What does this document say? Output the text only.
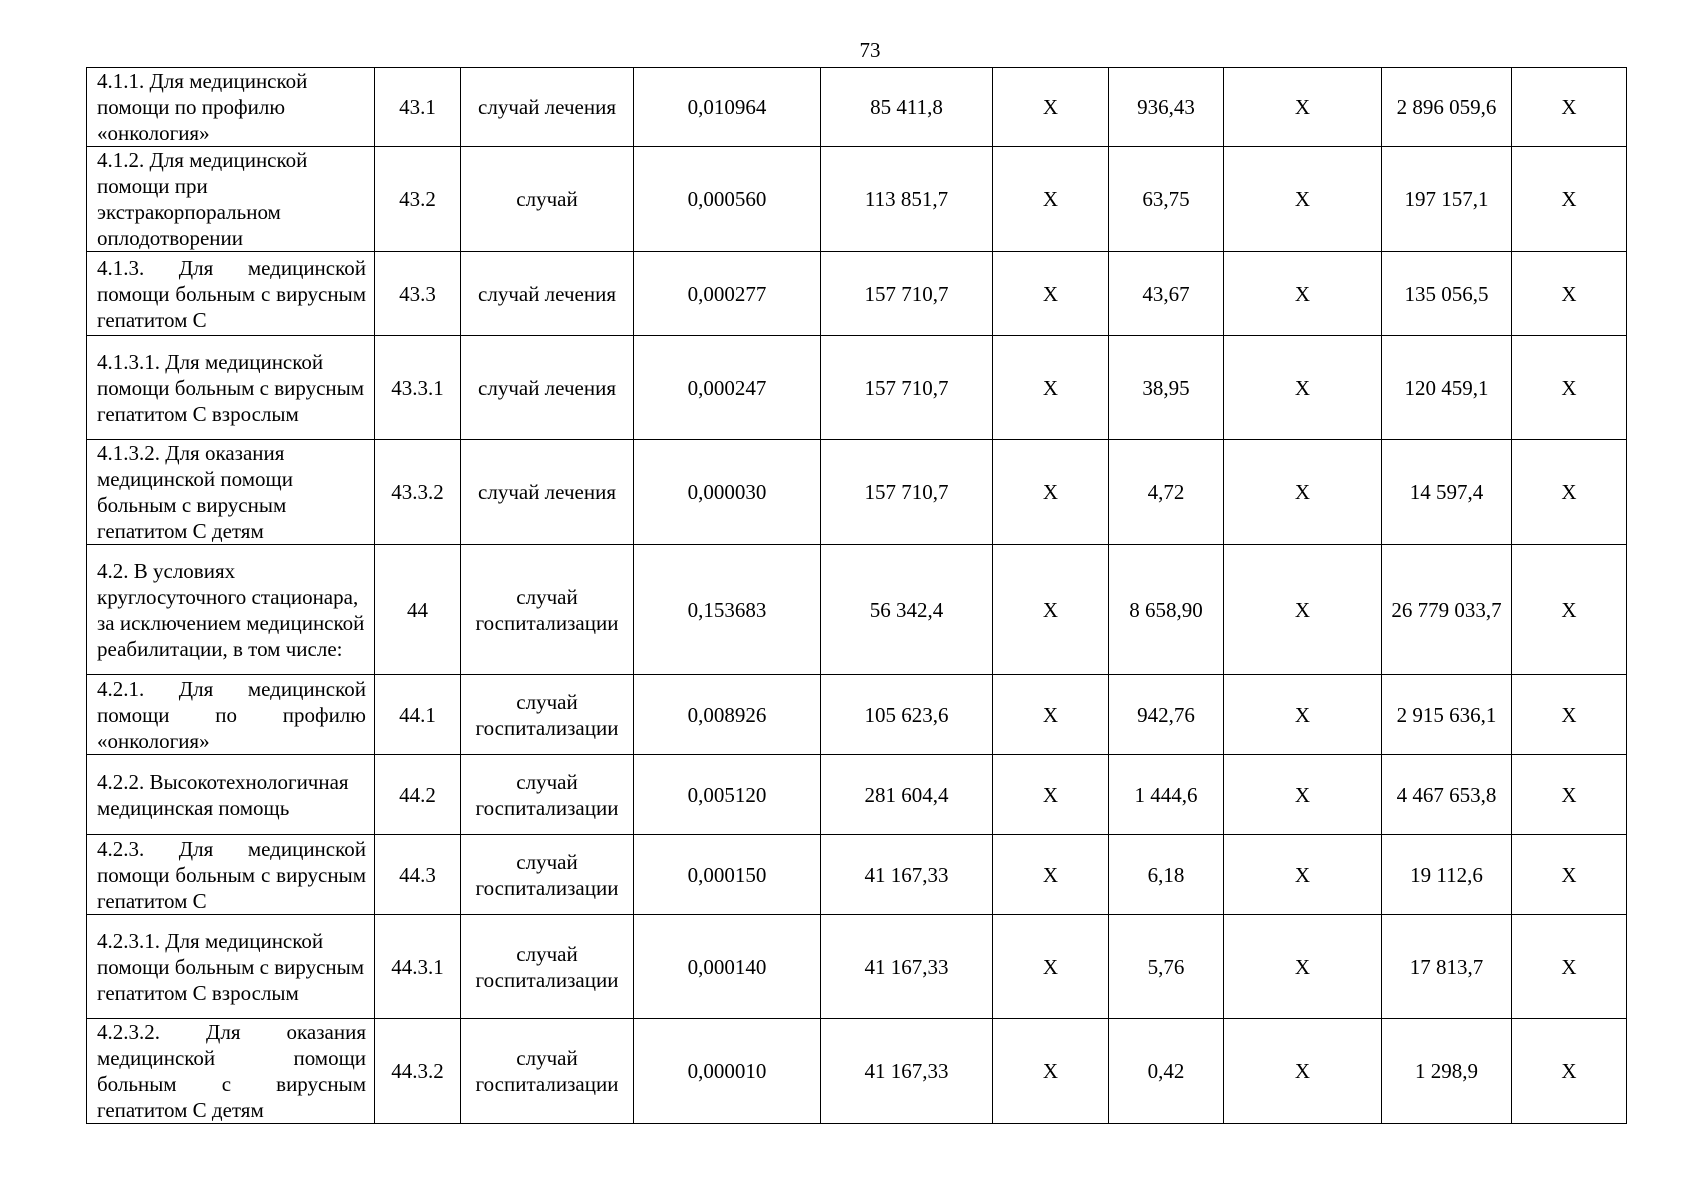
73
4.1.1. Для медицинской помощи по профилю «онкология»	43.1	случай лечения	0,010964	85 411,8	Х	936,43	Х	2 896 059,6	Х
4.1.2. Для медицинской помощи при экстракорпоральном оплодотворении	43.2	случай	0,000560	113 851,7	Х	63,75	Х	197 157,1	Х
4.1.3. Для медицинской помощи больным с вирусным гепатитом С	43.3	случай лечения	0,000277	157 710,7	Х	43,67	Х	135 056,5	Х
4.1.3.1. Для медицинской помощи больным с вирусным гепатитом С взрослым	43.3.1	случай лечения	0,000247	157 710,7	Х	38,95	Х	120 459,1	Х
4.1.3.2. Для оказания медицинской помощи больным с вирусным гепатитом С детям	43.3.2	случай лечения	0,000030	157 710,7	Х	4,72	Х	14 597,4	Х
4.2. В условиях круглосуточного стационара, за исключением медицинской реабилитации, в том числе:	44	случай госпитализации	0,153683	56 342,4	Х	8 658,90	Х	26 779 033,7	Х
4.2.1. Для медицинской помощи по профилю «онкология»	44.1	случай госпитализации	0,008926	105 623,6	Х	942,76	Х	2 915 636,1	Х
4.2.2. Высокотехнологичная медицинская помощь	44.2	случай госпитализации	0,005120	281 604,4	Х	1 444,6	Х	4 467 653,8	Х
4.2.3. Для медицинской помощи больным с вирусным гепатитом С	44.3	случай госпитализации	0,000150	41 167,33	Х	6,18	Х	19 112,6	Х
4.2.3.1. Для медицинской помощи больным с вирусным гепатитом С взрослым	44.3.1	случай госпитализации	0,000140	41 167,33	Х	5,76	Х	17 813,7	Х
4.2.3.2. Для оказания медицинской помощи больным с вирусным гепатитом С детям	44.3.2	случай госпитализации	0,000010	41 167,33	Х	0,42	Х	1 298,9	Х
